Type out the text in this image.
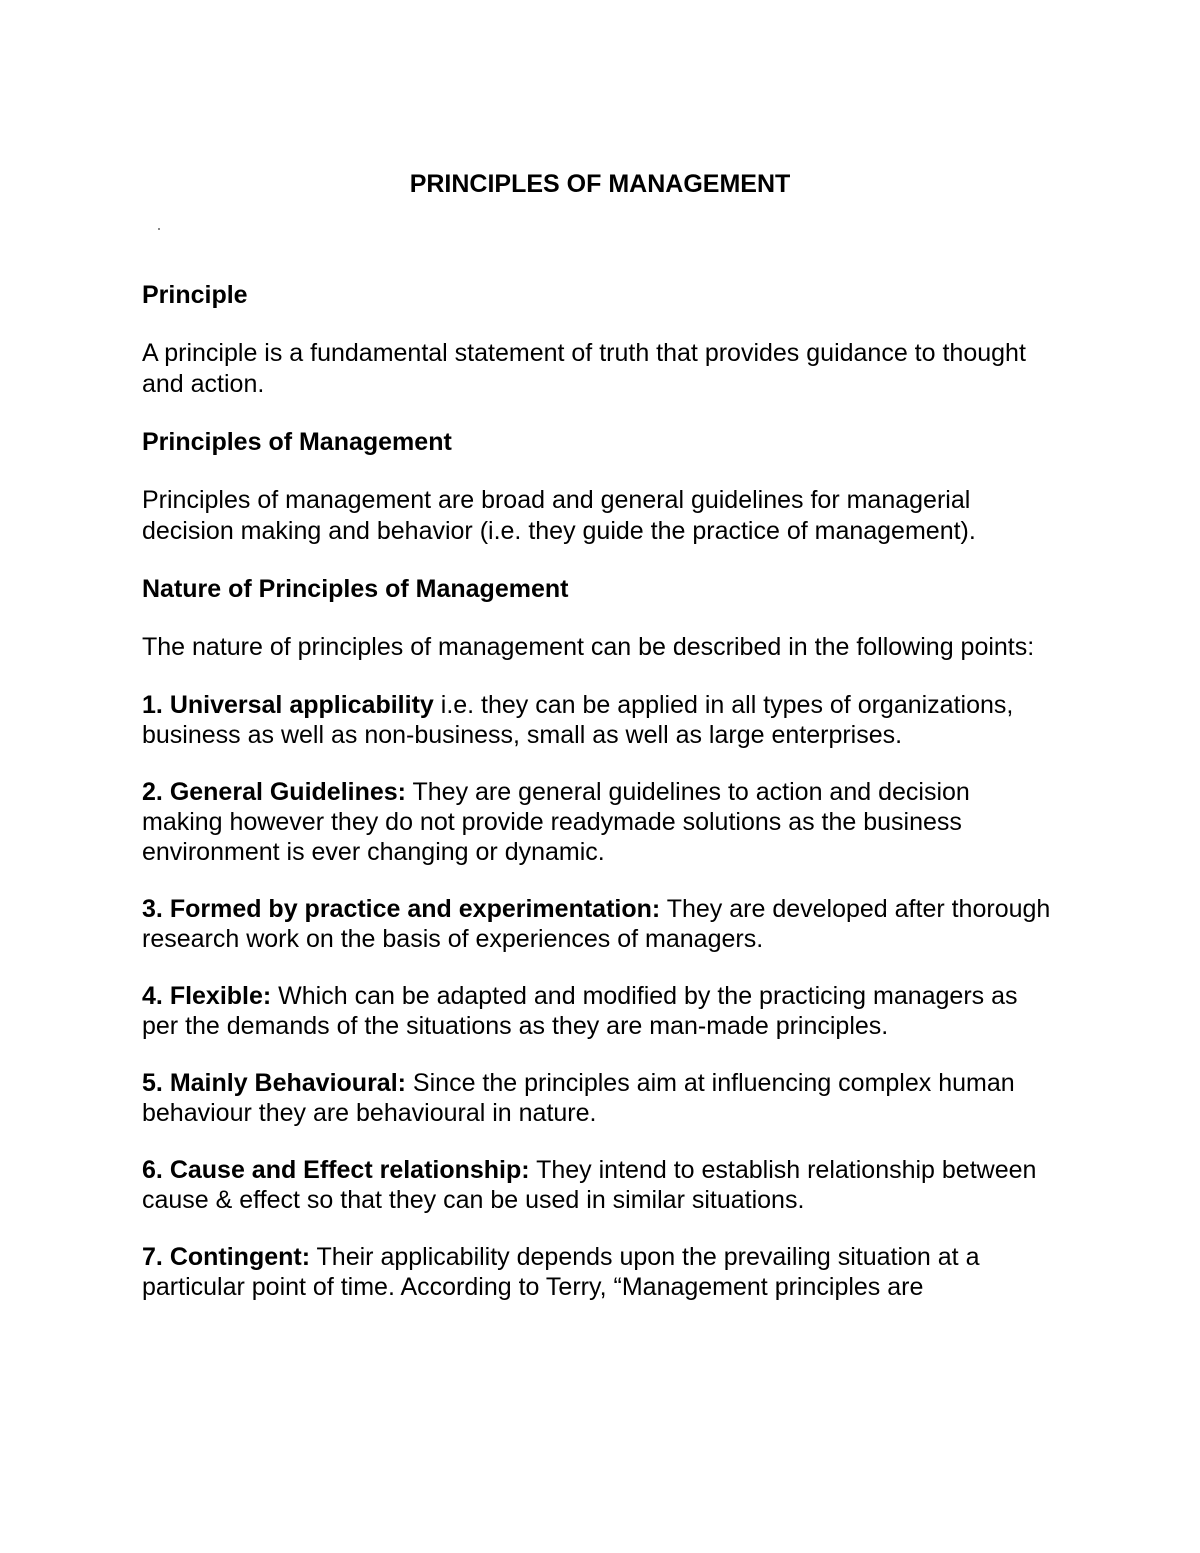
PRINCIPLES OF MANAGEMENT
Principle

A principle is a fundamental statement of truth that provides guidance to thought and action.

Principles of Management

Principles of management are broad and general guidelines for managerial decision making and behavior (i.e. they guide the practice of management).

Nature of Principles of Management

The nature of principles of management can be described in the following points:

1. Universal applicability i.e. they can be applied in all types of organizations, business as well as non-business, small as well as large enterprises.
2. General Guidelines: They are general guidelines to action and decision making however they do not provide readymade solutions as the business environment is ever changing or dynamic.
3. Formed by practice and experimentation: They are developed after thorough research work on the basis of experiences of managers.
4. Flexible: Which can be adapted and modified by the practicing managers as per the demands of the situations as they are man-made principles.
5. Mainly Behavioural: Since the principles aim at influencing complex human behaviour they are behavioural in nature.
6. Cause and Effect relationship: They intend to establish relationship between cause & effect so that they can be used in similar situations.
7. Contingent: Their applicability depends upon the prevailing situation at a particular point of time. According to Terry, “Management principles are
